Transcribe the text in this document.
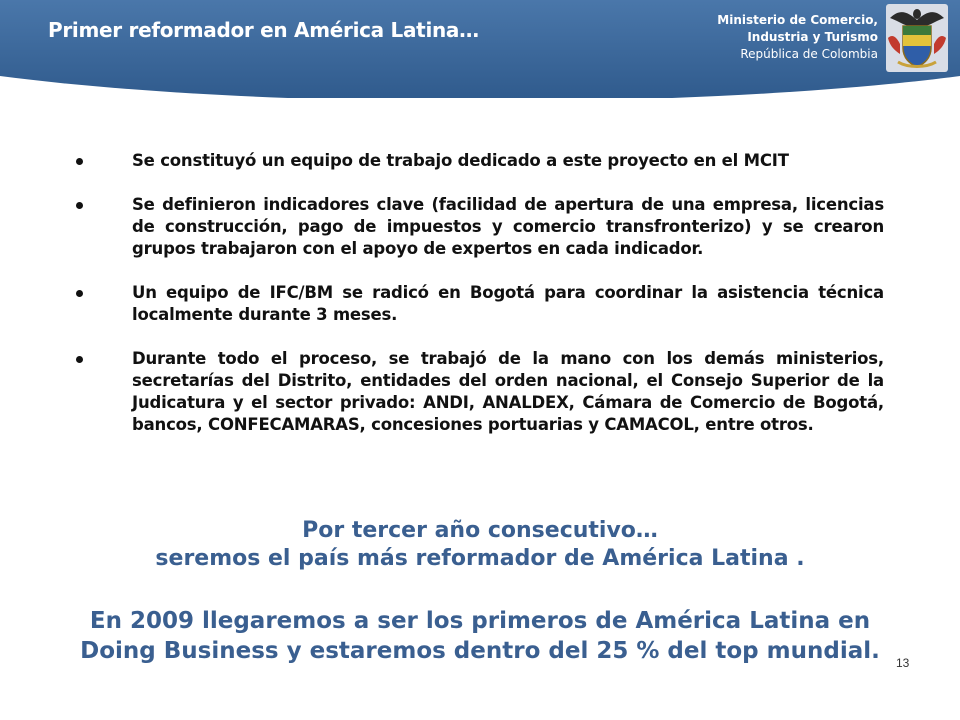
Primer reformador en América Latina…	Ministerio de Comercio,
Industria y Turismo
República de Colombia
Se constituyó un equipo de trabajo dedicado a este proyecto en el MCIT
Se definieron indicadores clave (facilidad de apertura de una empresa, licencias de construcción, pago de impuestos y comercio transfronterizo) y se crearon grupos trabajaron con el apoyo de expertos en cada indicador.
Un equipo de IFC/BM se radicó en Bogotá para coordinar la asistencia técnica localmente durante 3 meses.
Durante todo el proceso, se trabajó de la mano con los demás ministerios, secretarías del Distrito, entidades del orden nacional, el Consejo Superior de la Judicatura y el sector privado: ANDI, ANALDEX, Cámara de Comercio de Bogotá, bancos, CONFECAMARAS, concesiones portuarias y CAMACOL, entre otros.
Por tercer año consecutivo…
seremos el país más reformador de América Latina .
En 2009 llegaremos a ser los primeros de América Latina en Doing Business y estaremos dentro del 25 % del top mundial.	13
